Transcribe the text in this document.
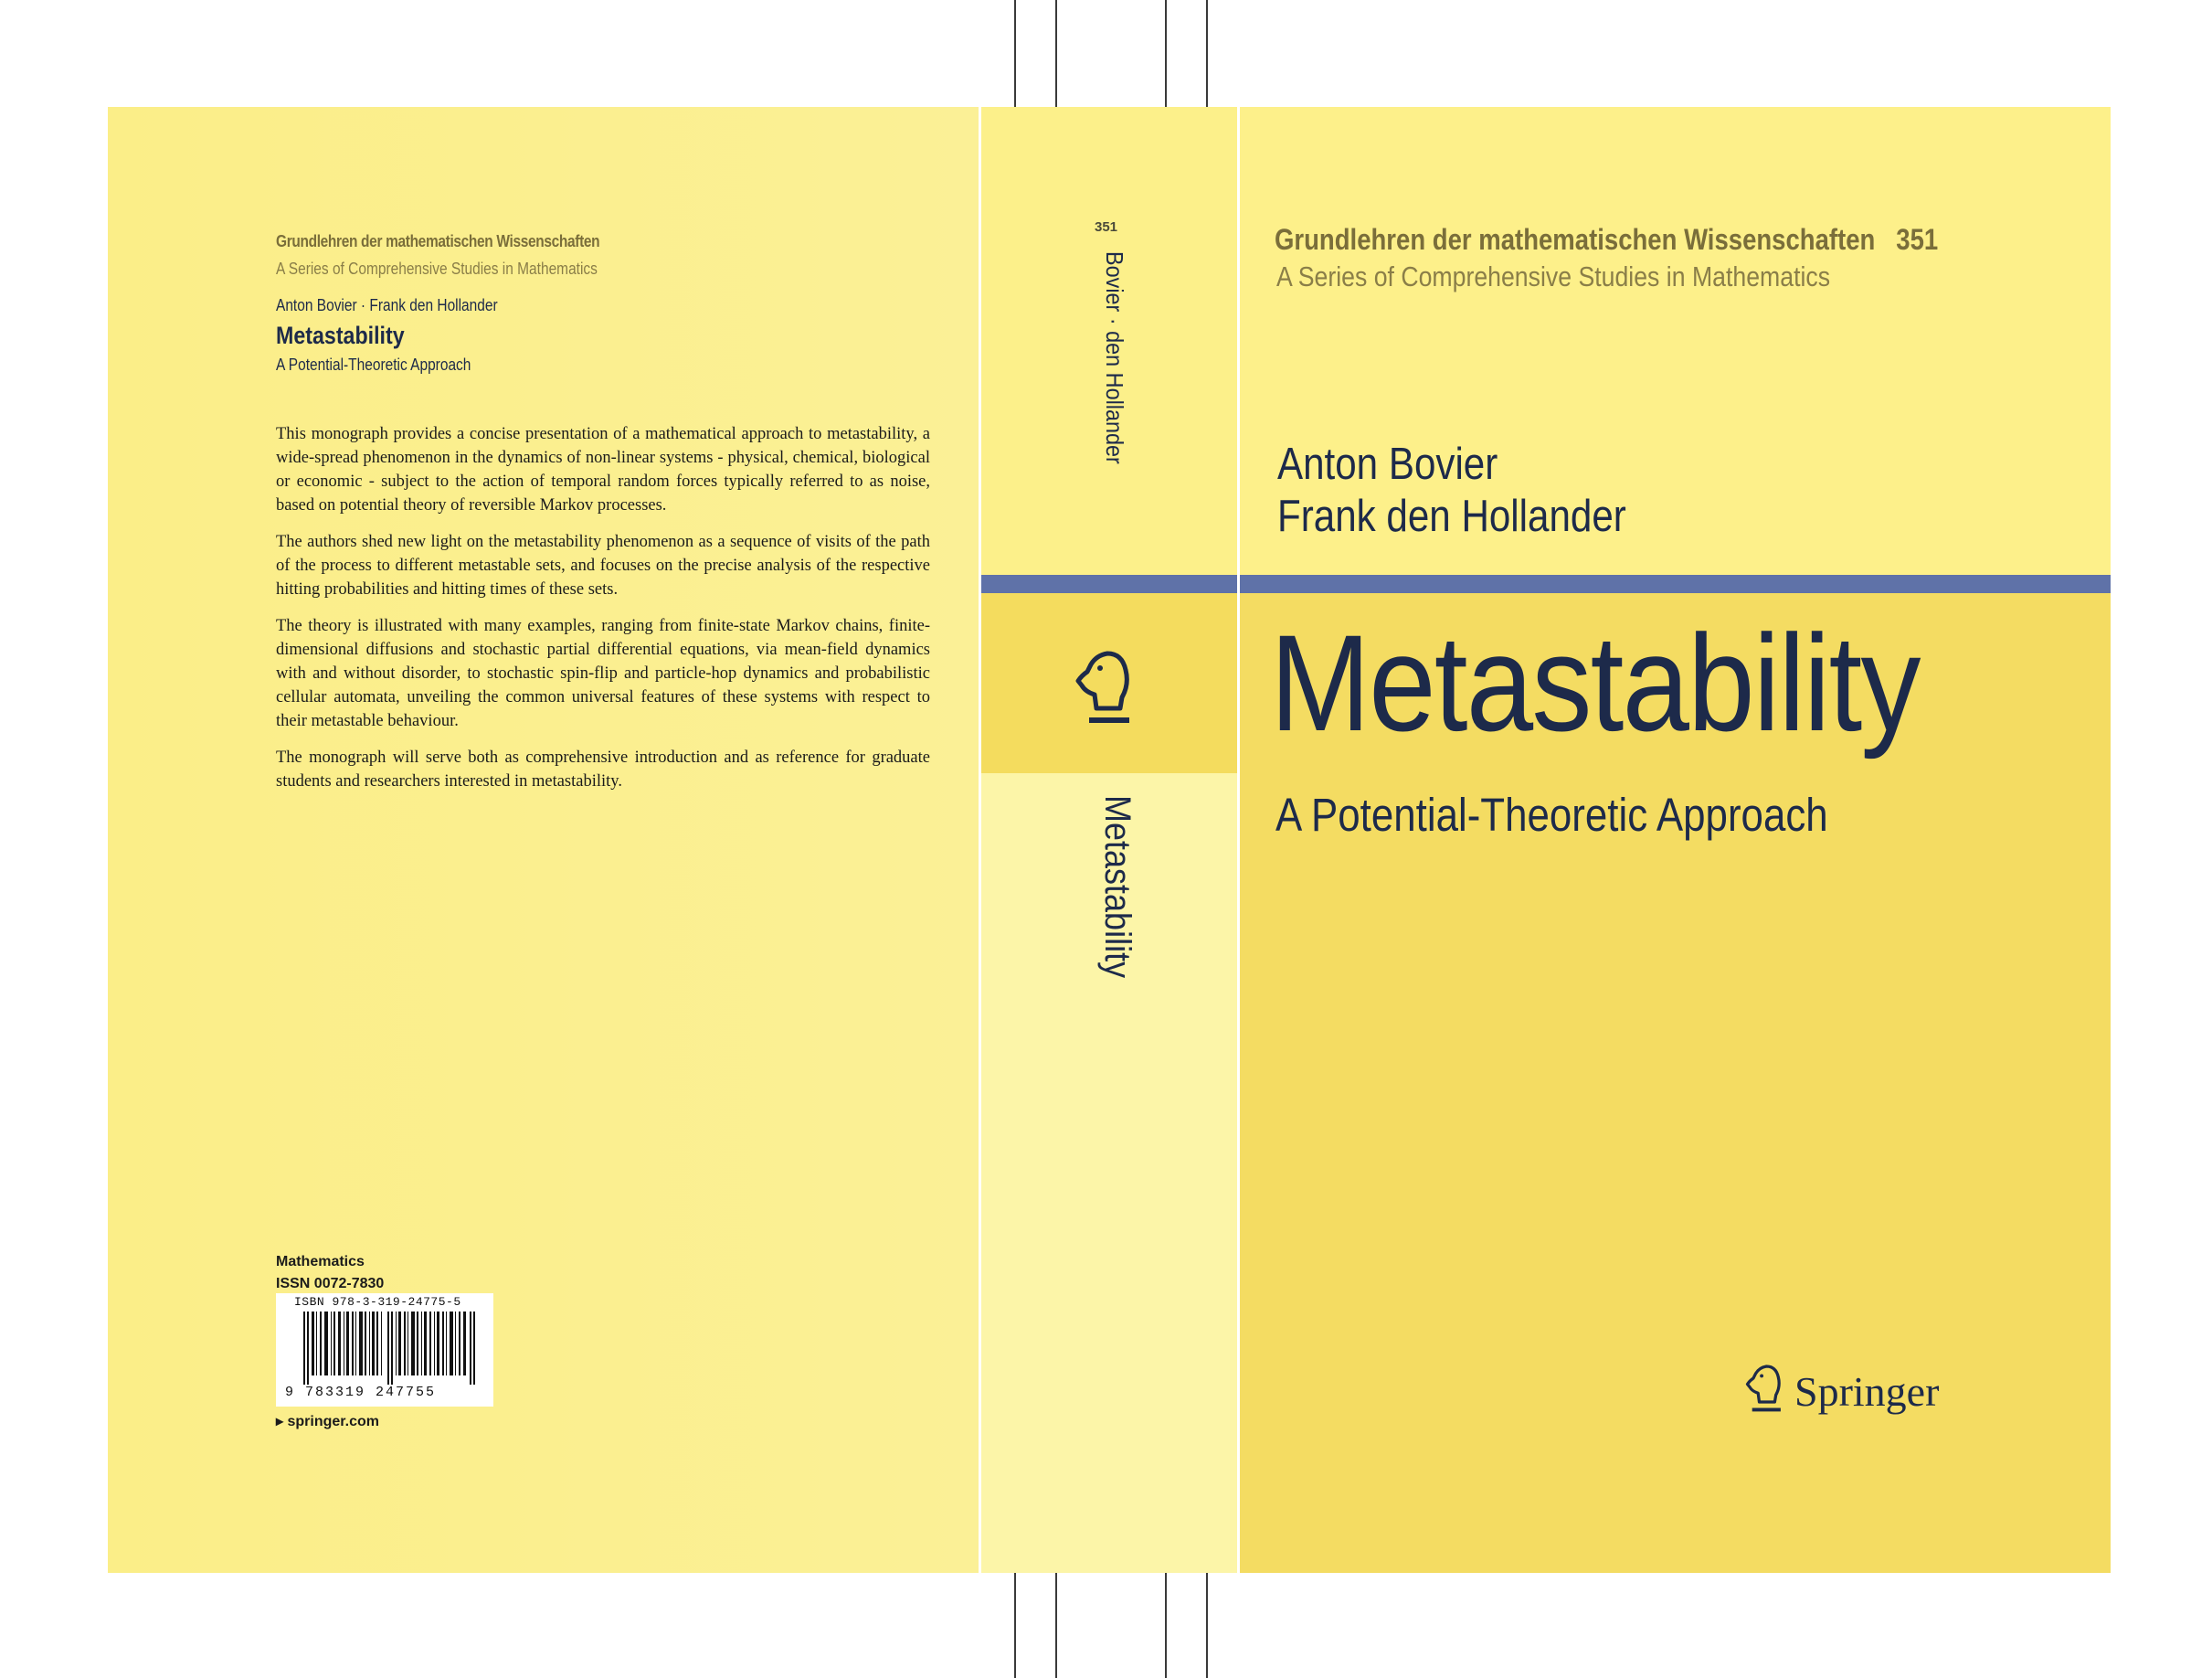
Grundlehren der mathematischen Wissenschaften
A Series of Comprehensive Studies in Mathematics
Anton Bovier · Frank den Hollander
Metastability
A Potential-Theoretic Approach

This monograph provides a concise presentation of a mathematical approach to metastability, a wide-spread phenomenon in the dynamics of non-linear systems - physical, chemical, biological or economic - subject to the action of temporal random forces typically referred to as noise, based on potential theory of reversible Markov processes.

The authors shed new light on the metastability phenomenon as a sequence of visits of the path of the process to different metastable sets, and focuses on the precise analysis of the respective hitting probabilities and hitting times of these sets.

The theory is illustrated with many examples, ranging from finite-state Markov chains, finite-dimensional diffusions and stochastic partial differential equations, via mean-field dynamics with and without disorder, to stochastic spin-flip and particle-hop dynamics and probabilistic cellular automata, unveiling the common universal features of these systems with respect to their metastable behaviour.

The monograph will serve both as comprehensive introduction and as reference for graduate students and researchers interested in metastability.

Mathematics
ISSN 0072-7830
ISBN 978-3-319-24775-5
9 783319 247755
▸ springer.com
351
Bovier · den Hollander
Metastability
Grundlehren der mathematischen Wissenschaften 351
A Series of Comprehensive Studies in Mathematics
Anton Bovier
Frank den Hollander
Metastability
A Potential-Theoretic Approach
Springer
